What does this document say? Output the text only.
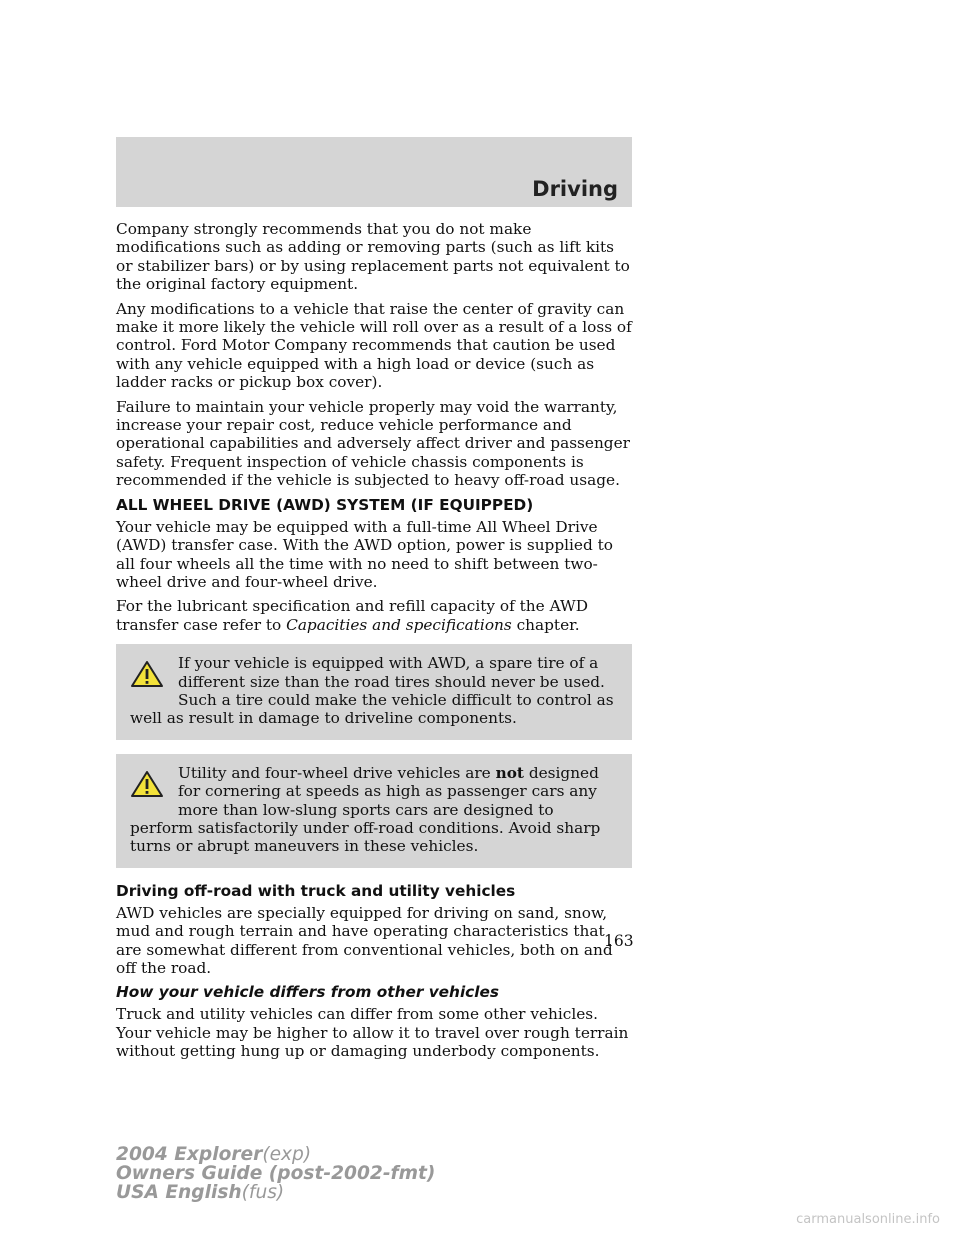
Driving

Company strongly recommends that you do not make modifications such as adding or removing parts (such as lift kits or stabilizer bars) or by using replacement parts not equivalent to the original factory equipment.

Any modifications to a vehicle that raise the center of gravity can make it more likely the vehicle will roll over as a result of a loss of control. Ford Motor Company recommends that caution be used with any vehicle equipped with a high load or device (such as ladder racks or pickup box cover).

Failure to maintain your vehicle properly may void the warranty, increase your repair cost, reduce vehicle performance and operational capabilities and adversely affect driver and passenger safety. Frequent inspection of vehicle chassis components is recommended if the vehicle is subjected to heavy off-road usage.

ALL WHEEL DRIVE (AWD) SYSTEM (IF EQUIPPED)

Your vehicle may be equipped with a full-time All Wheel Drive (AWD) transfer case. With the AWD option, power is supplied to all four wheels all the time with no need to shift between two-wheel drive and four-wheel drive.

For the lubricant specification and refill capacity of the AWD transfer case refer to Capacities and specifications chapter.

If your vehicle is equipped with AWD, a spare tire of a different size than the road tires should never be used. Such a tire could make the vehicle difficult to control as well as result in damage to driveline components.
Utility and four-wheel drive vehicles are not designed for cornering at speeds as high as passenger cars any more than low-slung sports cars are designed to perform satisfactorily under off-road conditions. Avoid sharp turns or abrupt maneuvers in these vehicles.
Driving off-road with truck and utility vehicles

AWD vehicles are specially equipped for driving on sand, snow, mud and rough terrain and have operating characteristics that are somewhat different from conventional vehicles, both on and off the road.

How your vehicle differs from other vehicles

Truck and utility vehicles can differ from some other vehicles. Your vehicle may be higher to allow it to travel over rough terrain without getting hung up or damaging underbody components.

163
2004 Explorer(exp)
Owners Guide (post-2002-fmt)
USA English(fus)
carmanualsonline.info
